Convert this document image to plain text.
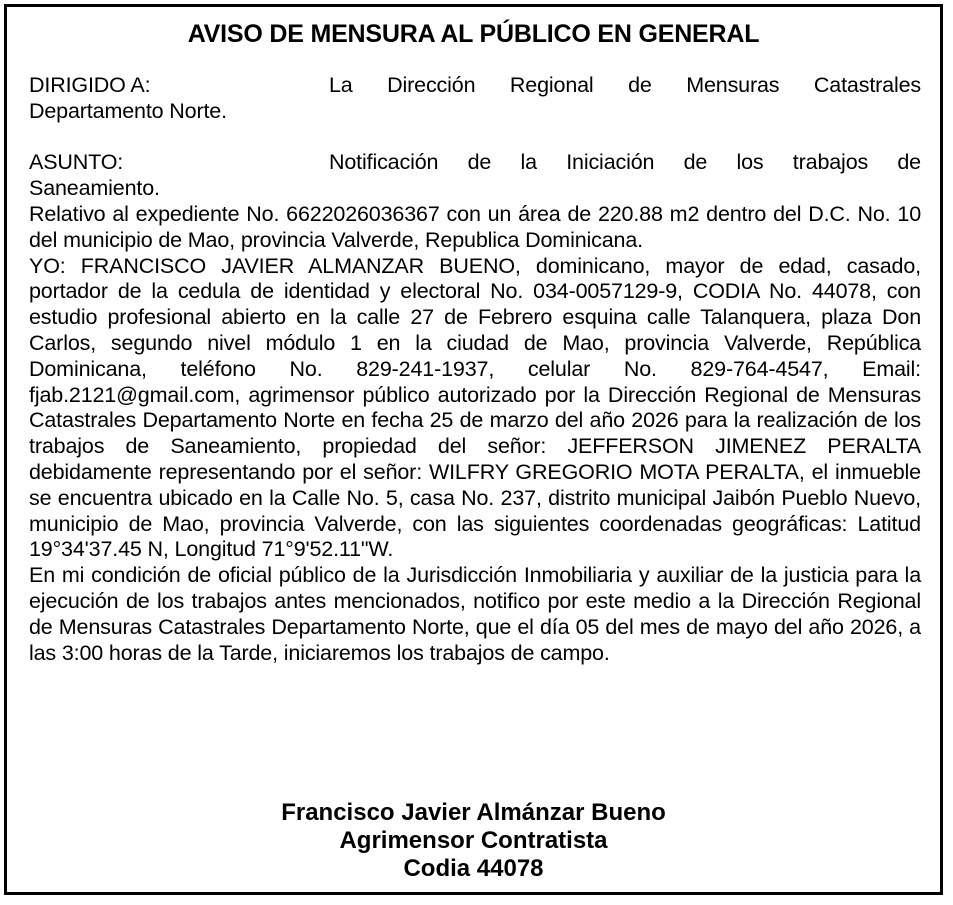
AVISO DE MENSURA AL PÚBLICO EN GENERAL
DIRIGIDO A:	La Dirección Regional de Mensuras Catastrales
Departamento Norte.
ASUNTO:	Notificación de la Iniciación de los trabajos de
Saneamiento.

Relativo al expediente No. 6622026036367 con un área de 220.88 m2 dentro del D.C. No. 10 del municipio de Mao, provincia Valverde, Republica Dominicana.

YO: FRANCISCO JAVIER ALMANZAR BUENO, dominicano, mayor de edad, casado, portador de la cedula de identidad y electoral No. 034-0057129-9, CODIA No. 44078, con estudio profesional abierto en la calle 27 de Febrero esquina calle Talanquera, plaza Don Carlos, segundo nivel módulo 1 en la ciudad de Mao, provincia Valverde, República Dominicana, teléfono No. 829-241-1937, celular No. 829-764-4547, Email: fjab.2121@gmail.com, agrimensor público autorizado por la Dirección Regional de Mensuras Catastrales Departamento Norte en fecha 25 de marzo del año 2026 para la realización de los trabajos de Saneamiento, propiedad del señor: JEFFERSON JIMENEZ PERALTA debidamente representando por el señor: WILFRY GREGORIO MOTA PERALTA, el inmueble se encuentra ubicado en la Calle No. 5, casa No. 237, distrito municipal Jaibón Pueblo Nuevo, municipio de Mao, provincia Valverde, con las siguientes coordenadas geográficas: Latitud 19°34'37.45 N, Longitud 71°9'52.11"W.

En mi condición de oficial público de la Jurisdicción Inmobiliaria y auxiliar de la justicia para la ejecución de los trabajos antes mencionados, notifico por este medio a la Dirección Regional de Mensuras Catastrales Departamento Norte, que el día 05 del mes de mayo del año 2026, a las 3:00 horas de la Tarde, iniciaremos los trabajos de campo.

Francisco Javier Almánzar Bueno
Agrimensor Contratista
Codia 44078
